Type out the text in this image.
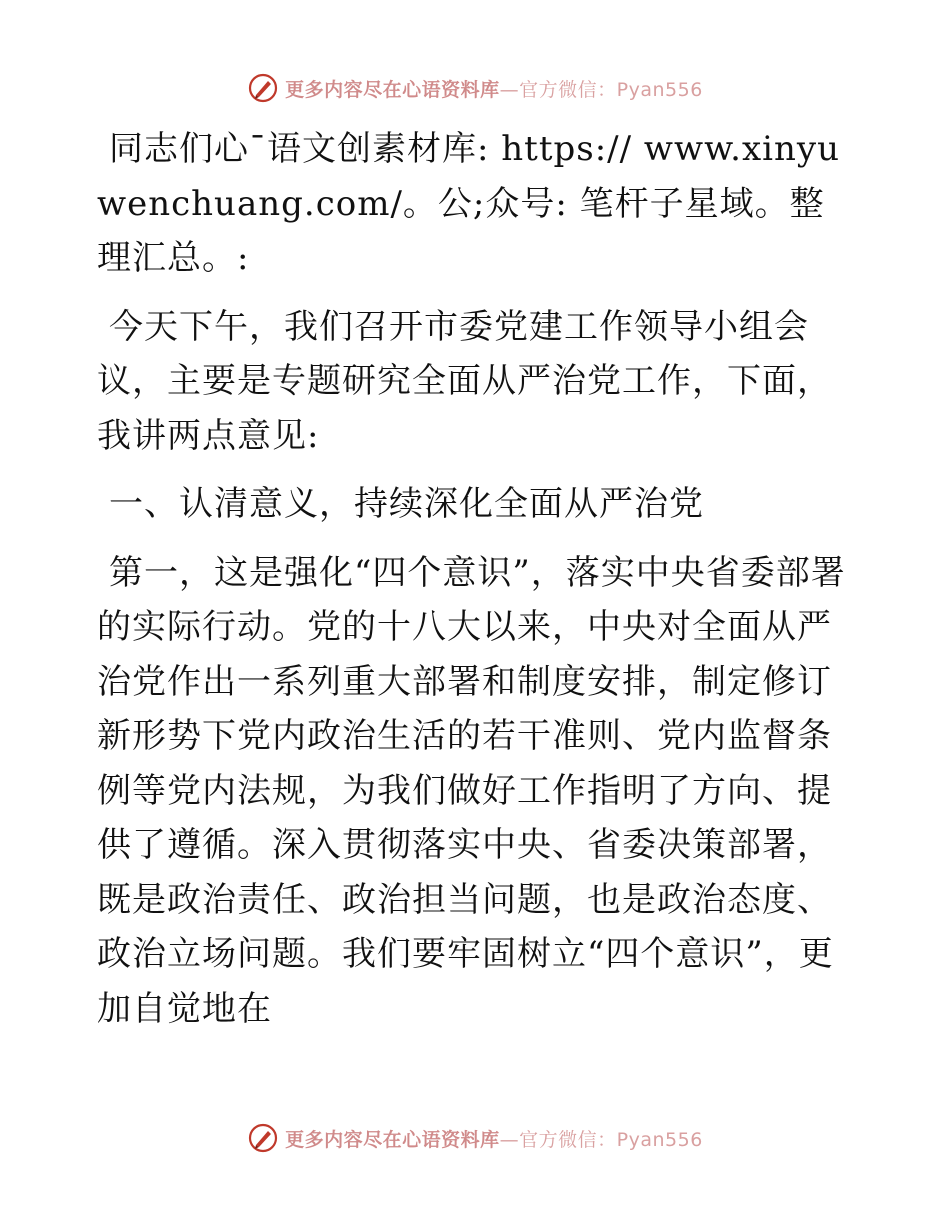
更多内容尽在心语资料库—官方微信：Pyan556

同志们心¯语文创素材库: https:// www.xinyuwenchuang.com/。公;众号: 笔杆子星域。整理汇总。:

今天下午，我们召开市委党建工作领导小组会议，主要是专题研究全面从严治党工作，下面，我讲两点意见:

一、认清意义，持续深化全面从严治党

第一，这是强化“四个意识”，落实中央省委部署的实际行动。党的十八大以来，中央对全面从严治党作出一系列重大部署和制度安排，制定修订新形势下党内政治生活的若干准则、党内监督条例等党内法规，为我们做好工作指明了方向、提供了遵循。深入贯彻落实中央、省委决策部署，既是政治责任、政治担当问题，也是政治态度、政治立场问题。我们要牢固树立“四个意识”，更加自觉地在

更多内容尽在心语资料库—官方微信：Pyan556
